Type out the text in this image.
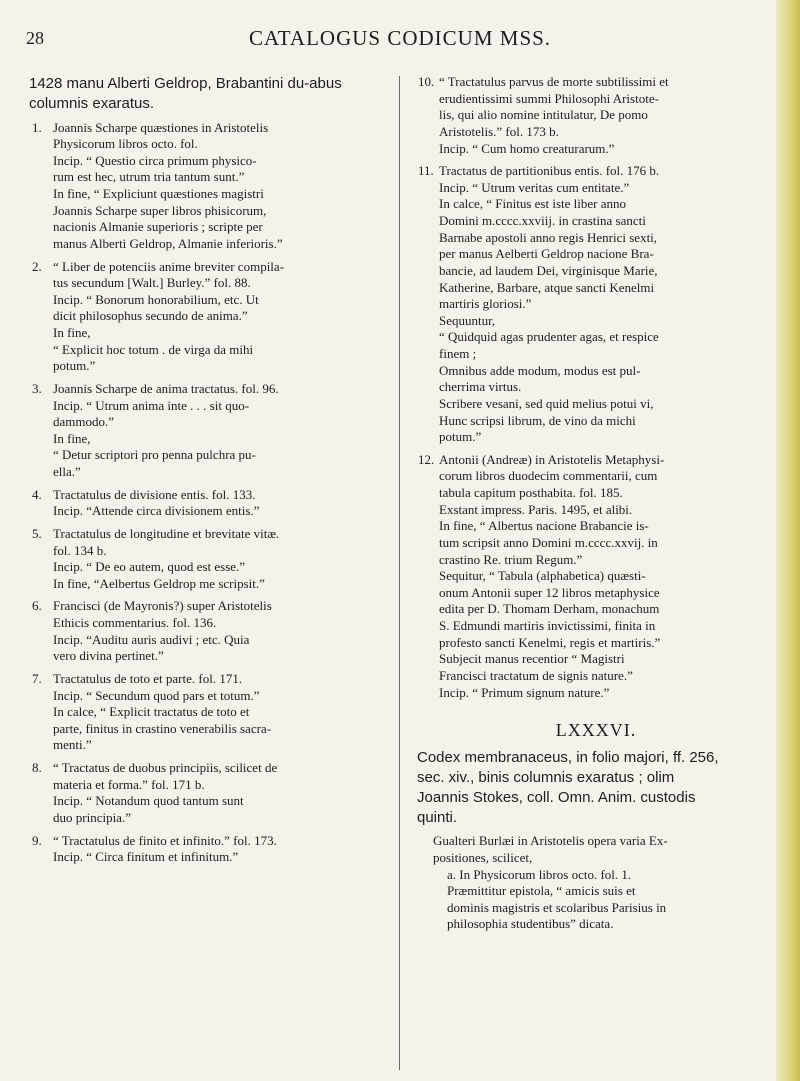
28	CATALOGUS CODICUM MSS.
1428 manu Alberti Geldrop, Brabantini du-abus columnis exaratus.
1. Joannis Scharpe quæstiones in Aristotelis
Physicorum libros octo. fol.
Incip. “ Questio circa primum physico-
rum est hec, utrum tria tantum sunt.”
In fine, “ Expliciunt quæstiones magistri
Joannis Scharpe super libros phisicorum,
nacionis Almanie superioris ; scripte per
manus Alberti Geldrop, Almanie inferioris.”
2. “ Liber de potenciis anime breviter compila-
tus secundum [Walt.] Burley.” fol. 88.
Incip. “ Bonorum honorabilium, etc. Ut
dicit philosophus secundo de anima.”
In fine,
“ Explicit hoc totum . de virga da mihi
potum.”
3. Joannis Scharpe de anima tractatus. fol. 96.
Incip. “ Utrum anima inte . . . sit quo-
dammodo.”
In fine,
“ Detur scriptori pro penna pulchra pu-
ella.”
4. Tractatulus de divisione entis. fol. 133.
Incip. “Attende circa divisionem entis.”
5. Tractatulus de longitudine et brevitate vitæ.
fol. 134 b.
Incip. “ De eo autem, quod est esse.”
In fine, “Aelbertus Geldrop me scripsit.”
6. Francisci (de Mayronis?) super Aristotelis
Ethicis commentarius. fol. 136.
Incip. “Auditu auris audivi ; etc. Quia
vero divina pertinet.”
7. Tractatulus de toto et parte. fol. 171.
Incip. “ Secundum quod pars et totum.”
In calce, “ Explicit tractatus de toto et
parte, finitus in crastino venerabilis sacra-
menti.”
8. “ Tractatus de duobus principiis, scilicet de
materia et forma.” fol. 171 b.
Incip. “ Notandum quod tantum sunt
duo principia.”
9. “ Tractatulus de finito et infinito.” fol. 173.
Incip. “ Circa finitum et infinitum.”
10. “ Tractatulus parvus de morte subtilissimi et
erudientissimi summi Philosophi Aristote-
lis, qui alio nomine intitulatur, De pomo
Aristotelis.” fol. 173 b.
Incip. “ Cum homo creaturarum.”
11. Tractatus de partitionibus entis. fol. 176 b.
Incip. “ Utrum veritas cum entitate.”
In calce, “ Finitus est iste liber anno
Domini m.cccc.xxviij. in crastina sancti
Barnabe apostoli anno regis Henrici sexti,
per manus Aelberti Geldrop nacione Bra-
bancie, ad laudem Dei, virginisque Marie,
Katherine, Barbare, atque sancti Kenelmi
martiris gloriosi.”
Sequuntur,
“ Quidquid agas prudenter agas, et respice
finem ;
Omnibus adde modum, modus est pul-
cherrima virtus.
Scribere vesani, sed quid melius potui vi,
Hunc scripsi librum, de vino da michi
potum.”
12. Antonii (Andreæ) in Aristotelis Metaphysi-
corum libros duodecim commentarii, cum
tabula capitum posthabita. fol. 185.
Exstant impress. Paris. 1495, et alibi.
In fine, “ Albertus nacione Brabancie is-
tum scripsit anno Domini m.cccc.xxvij. in
crastino Re. trium Regum.”
Sequitur, “ Tabula (alphabetica) quæsti-
onum Antonii super 12 libros metaphysice
edita per D. Thomam Derham, monachum
S. Edmundi martiris invictissimi, finita in
profesto sancti Kenelmi, regis et martiris.”
Subjecit manus recentior “ Magistri
Francisci tractatum de signis nature.”
Incip. “ Primum signum nature.”
LXXXVI.
Codex membranaceus, in folio majori, ff. 256,
sec. xiv., binis columnis exaratus ; olim
Joannis Stokes, coll. Omn. Anim. custodis
quinti.
Gualteri Burlæi in Aristotelis opera varia Ex-
positiones, scilicet,
a. In Physicorum libros octo. fol. 1.
Præmittitur epistola, “ amicis suis et
dominis magistris et scolaribus Parisius in
philosophia studentibus” dicata.
